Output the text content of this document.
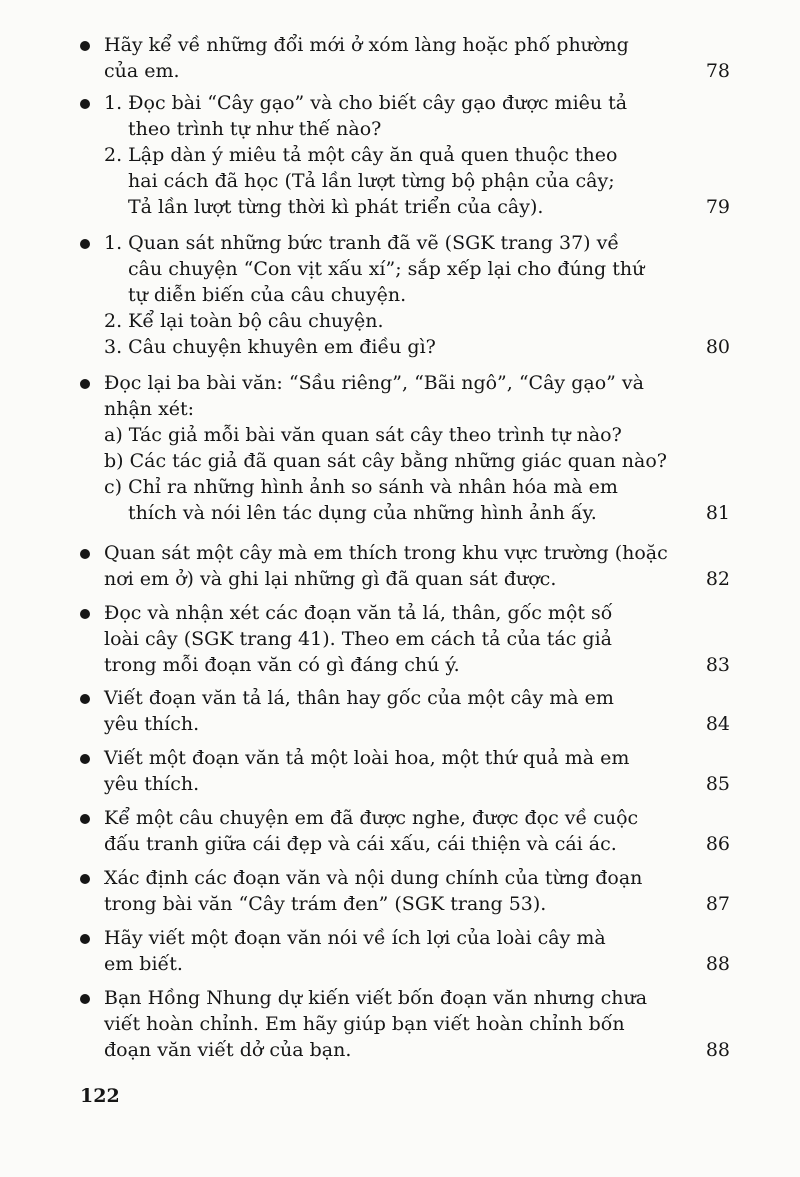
122
Hãy kể về những đổi mới ở xóm làng hoặc phố phường
của em.	78
1. Đọc bài “Cây gạo” và cho biết cây gạo được miêu tả
theo trình tự như thế nào?
2. Lập dàn ý miêu tả một cây ăn quả quen thuộc theo
hai cách đã học (Tả lần lượt từng bộ phận của cây;
Tả lần lượt từng thời kì phát triển của cây).	79
1. Quan sát những bức tranh đã vẽ (SGK trang 37) về
câu chuyện “Con vịt xấu xí”; sắp xếp lại cho đúng thứ
tự diễn biến của câu chuyện.
2. Kể lại toàn bộ câu chuyện.
3. Câu chuyện khuyên em điều gì?	80
Đọc lại ba bài văn: “Sầu riêng”, “Bãi ngô”, “Cây gạo” và
nhận xét:
a) Tác giả mỗi bài văn quan sát cây theo trình tự nào?
b) Các tác giả đã quan sát cây bằng những giác quan nào?
c) Chỉ ra những hình ảnh so sánh và nhân hóa mà em
thích và nói lên tác dụng của những hình ảnh ấy.	81
Quan sát một cây mà em thích trong khu vực trường (hoặc
nơi em ở) và ghi lại những gì đã quan sát được.	82
Đọc và nhận xét các đoạn văn tả lá, thân, gốc một số
loài cây (SGK trang 41). Theo em cách tả của tác giả
trong mỗi đoạn văn có gì đáng chú ý.	83
Viết đoạn văn tả lá, thân hay gốc của một cây mà em
yêu thích.	84
Viết một đoạn văn tả một loài hoa, một thứ quả mà em
yêu thích.	85
Kể một câu chuyện em đã được nghe, được đọc về cuộc
đấu tranh giữa cái đẹp và cái xấu, cái thiện và cái ác.	86
Xác định các đoạn văn và nội dung chính của từng đoạn
trong bài văn “Cây trám đen” (SGK trang 53).	87
Hãy viết một đoạn văn nói về ích lợi của loài cây mà
em biết.	88
Bạn Hồng Nhung dự kiến viết bốn đoạn văn nhưng chưa
viết hoàn chỉnh. Em hãy giúp bạn viết hoàn chỉnh bốn
đoạn văn viết dở của bạn.	88
